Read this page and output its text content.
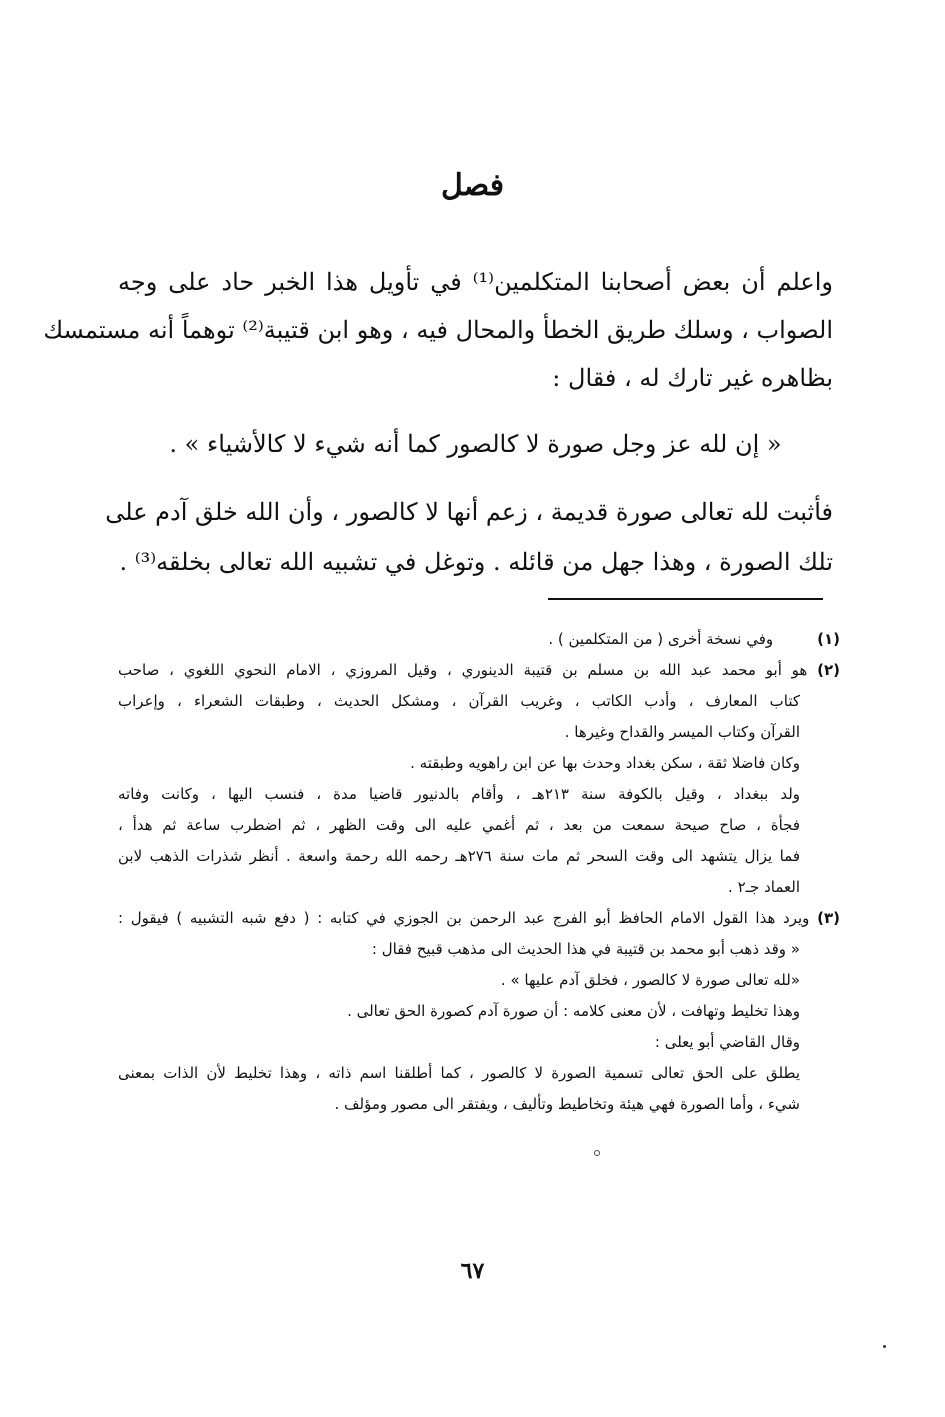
فصل
واعلم أن بعض أصحابنا المتكلمين⁽¹⁾ في تأويل هذا الخبر حاد على وجه
الصواب ، وسلك طريق الخطأ والمحال فيه ، وهو ابن قتيبة⁽²⁾ توهماً أنه مستمسك
بظاهره غير تارك له ، فقال :
« إن لله عز وجل صورة لا كالصور كما أنه شيء لا كالأشياء » .
فأثبت لله تعالى صورة قديمة ، زعم أنها لا كالصور ، وأن الله خلق آدم على
تلك الصورة ، وهذا جهل من قائله . وتوغل في تشبيه الله تعالى بخلقه⁽³⁾ .
(١)وفي نسخة أخرى ( من المتكلمين ) .
(٢) هو أبو محمد عبد الله بن مسلم بن قتيبة الدينوري ، وقيل المروزي ، الامام النحوي اللغوي ، صاحب
كتاب المعارف ، وأدب الكاتب ، وغريب القرآن ، ومشكل الحديث ، وطبقات الشعراء ، وإعراب
القرآن وكتاب الميسر والقداح وغيرها .
وكان فاضلا ثقة ، سكن بغداد وحدث بها عن ابن راهويه وطبقته .
ولد ببغداد ، وقيل بالكوفة سنة ٢١٣هـ ، وأقام بالدنيور قاضيا مدة ، فنسب اليها ، وكانت وفاته
فجأة ، صاح صيحة سمعت من بعد ، ثم أغمي عليه الى وقت الظهر ، ثم اضطرب ساعة ثم هدأ ،
فما يزال يتشهد الى وقت السحر ثم مات سنة ٢٧٦هـ رحمه الله رحمة واسعة . أنظر شذرات الذهب لابن
العماد جـ٢ .
(٣) ويرد هذا القول الامام الحافظ أبو الفرج عبد الرحمن بن الجوزي في كتابه : ( دفع شبه التشبيه ) فيقول :
« وقد ذهب أبو محمد بن قتيبة في هذا الحديث الى مذهب قبيح فقال :
«لله تعالى صورة لا كالصور ، فخلق آدم عليها » .
وهذا تخليط وتهافت ، لأن معنى كلامه : أن صورة آدم كصورة الحق تعالى .
وقال القاضي أبو يعلى :
يطلق على الحق تعالى تسمية الصورة لا كالصور ، كما أطلقنا اسم ذاته ، وهذا تخليط لأن الذات بمعنى
شيء ، وأما الصورة فهي هيئة وتخاطيط وتأليف ، ويفتقر الى مصور ومؤلف .
٦٧
